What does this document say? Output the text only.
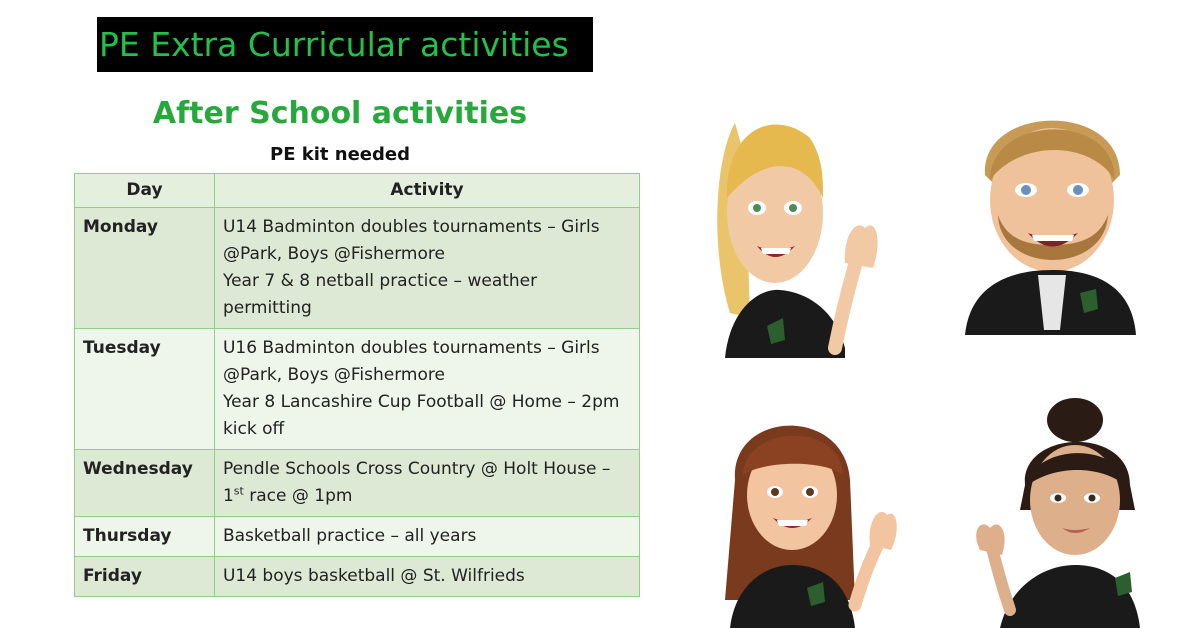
PE Extra Curricular activities
After School activities
PE kit needed
Day	Activity
Monday	U14 Badminton doubles tournaments – Girls @Park, Boys @Fishermore
Year 7 & 8 netball practice – weather permitting

Tuesday	U16 Badminton doubles tournaments – Girls @Park, Boys @Fishermore
Year 8 Lancashire Cup Football @ Home – 2pm kick off

Wednesday	Pendle Schools Cross Country @ Holt House – 1st race @ 1pm

Thursday	Basketball practice – all years

Friday	U14 boys basketball @ St. Wilfrieds
